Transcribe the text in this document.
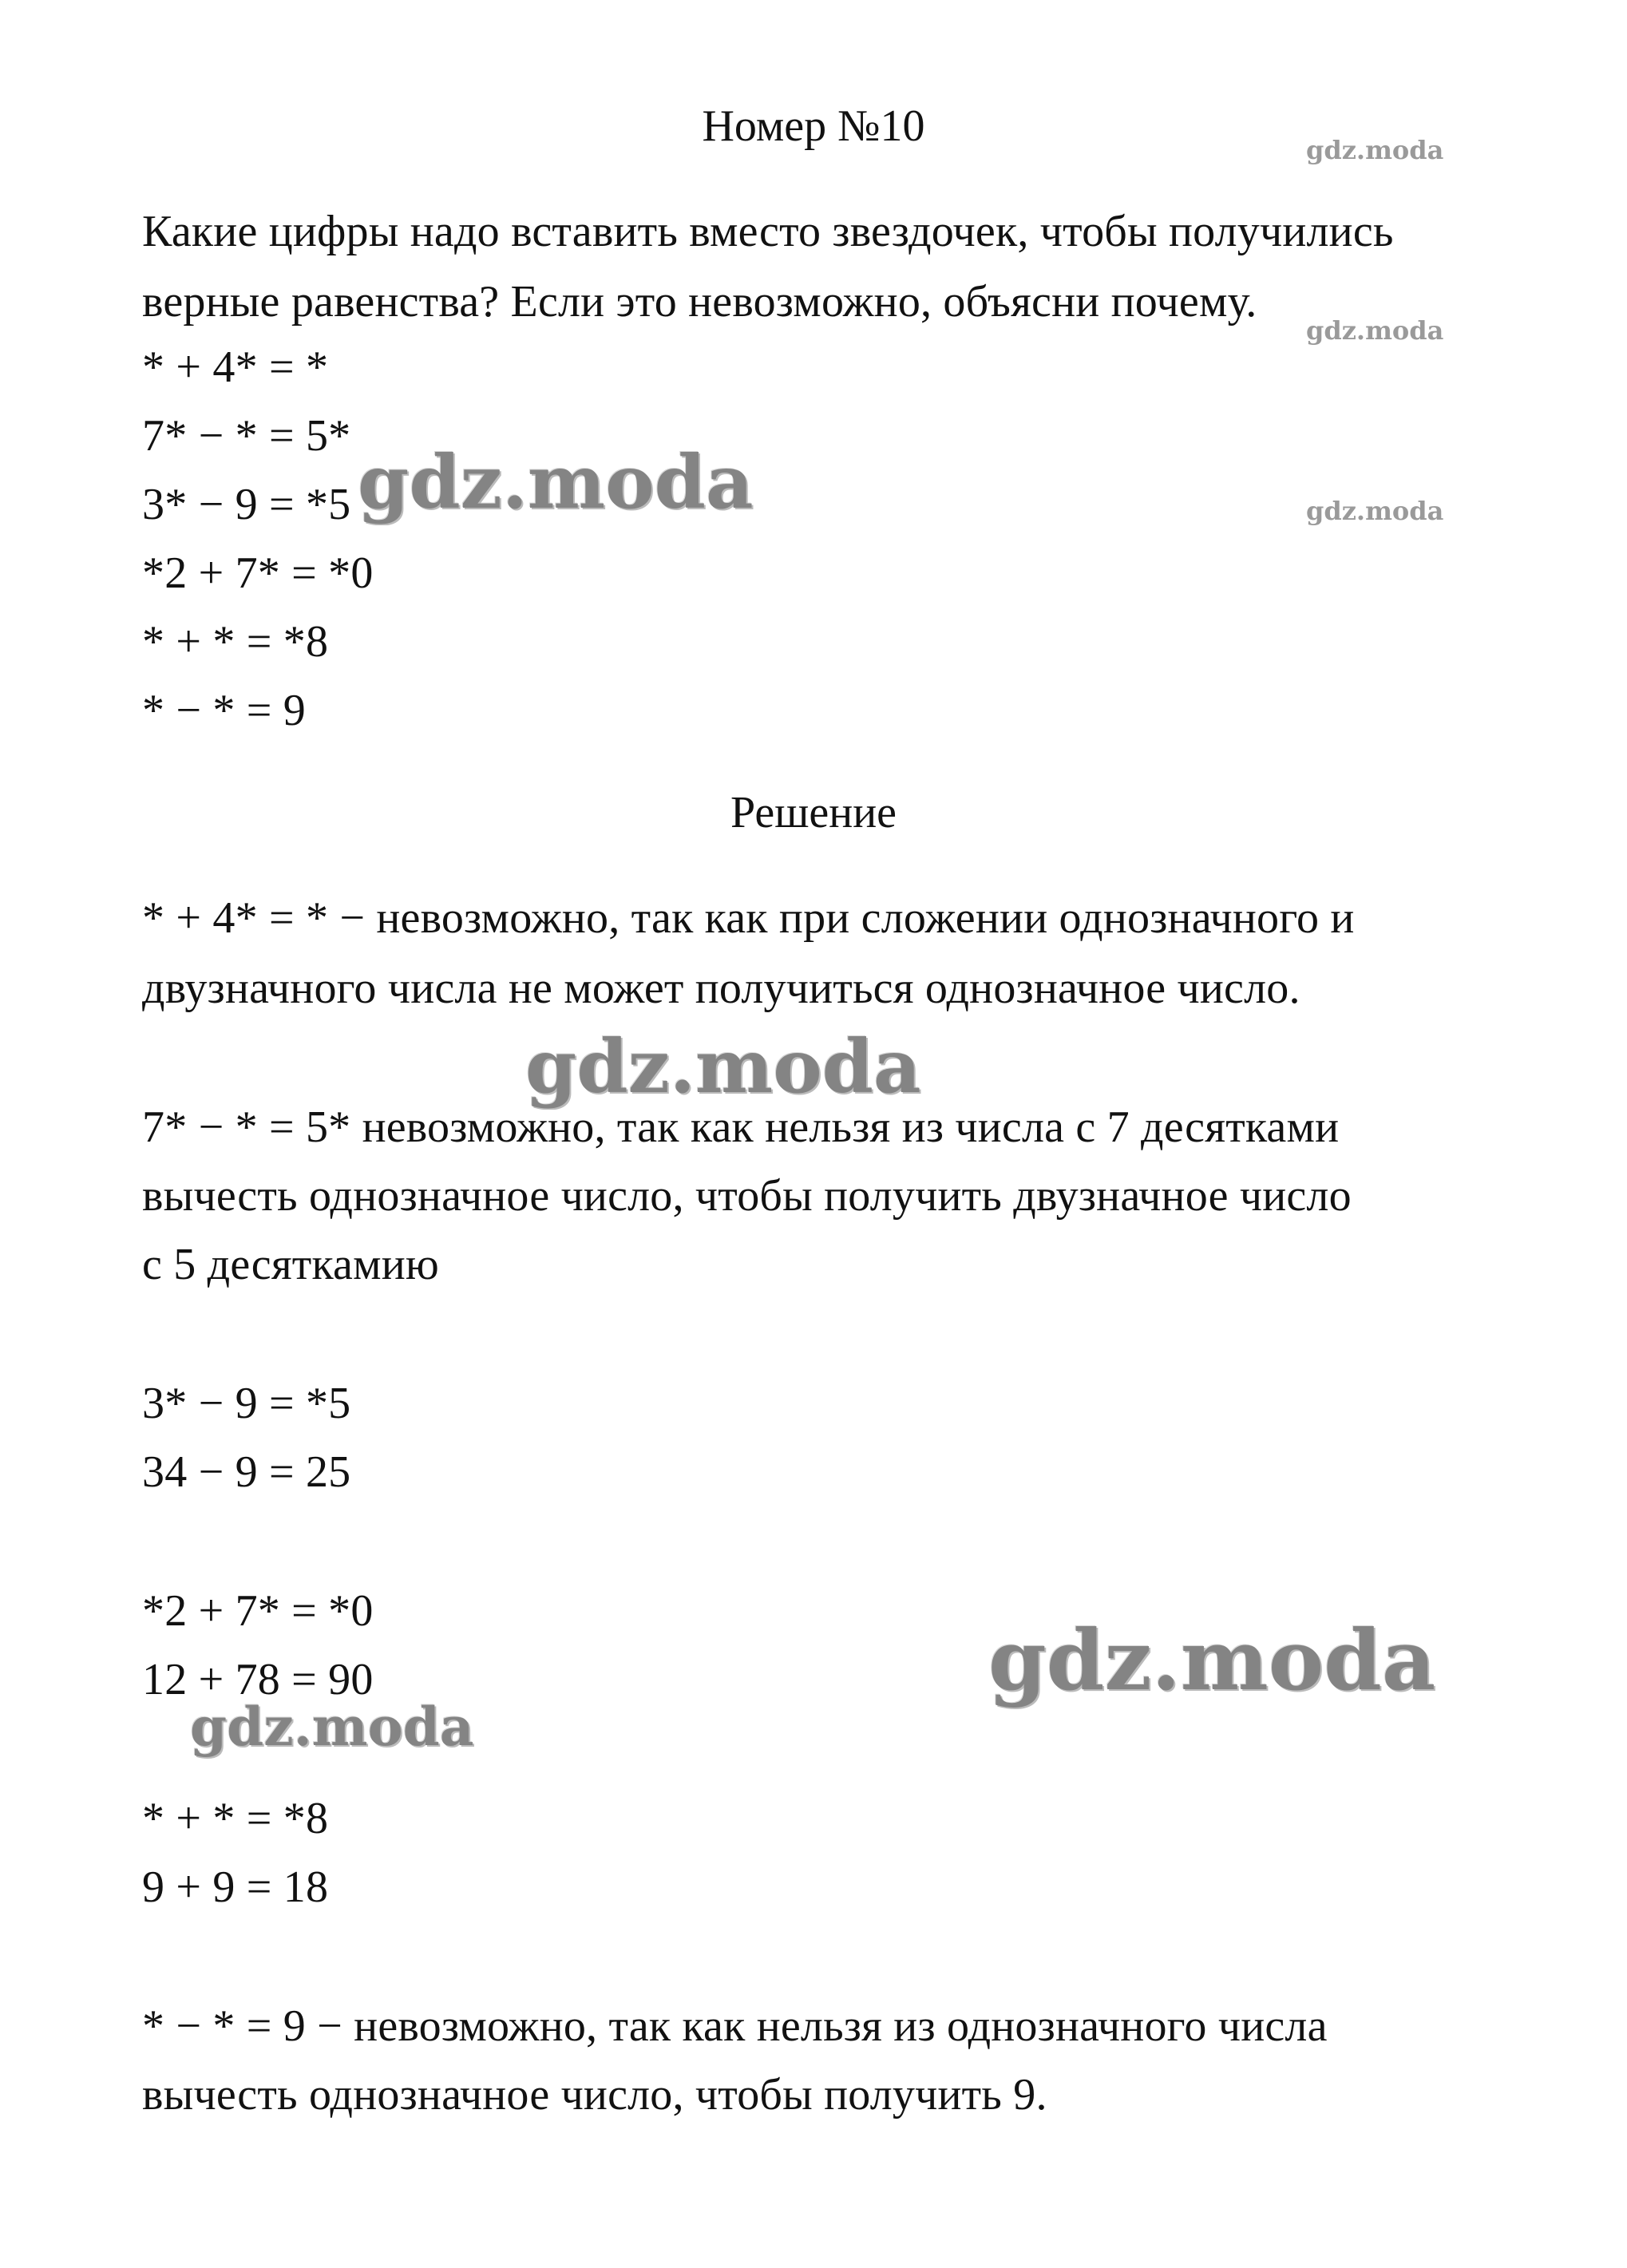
Номер №10
Какие цифры надо вставить вместо звездочек, чтобы получились
верные равенства? Если это невозможно, объясни почему.
* + 4* = *
7* − * = 5*
3* − 9 = *5
*2 + 7* = *0
* + * = *8
* − * = 9
Решение
* + 4* = * − невозможно, так как при сложении однозначного и
двузначного числа не может получиться однозначное число.
7* − * = 5* невозможно, так как нельзя из числа с 7 десятками
вычесть однозначное число, чтобы получить двузначное число
с 5 десяткамию
3* − 9 = *5
34 − 9 = 25
*2 + 7* = *0
12 + 78 = 90
* + * = *8
9 + 9 = 18
* − * = 9 − невозможно, так как нельзя из однозначного числа
вычесть однозначное число, чтобы получить 9.
gdz.moda
gdz.moda
gdz.moda
gdz.moda
gdz.moda
gdz.moda
gdz.moda
